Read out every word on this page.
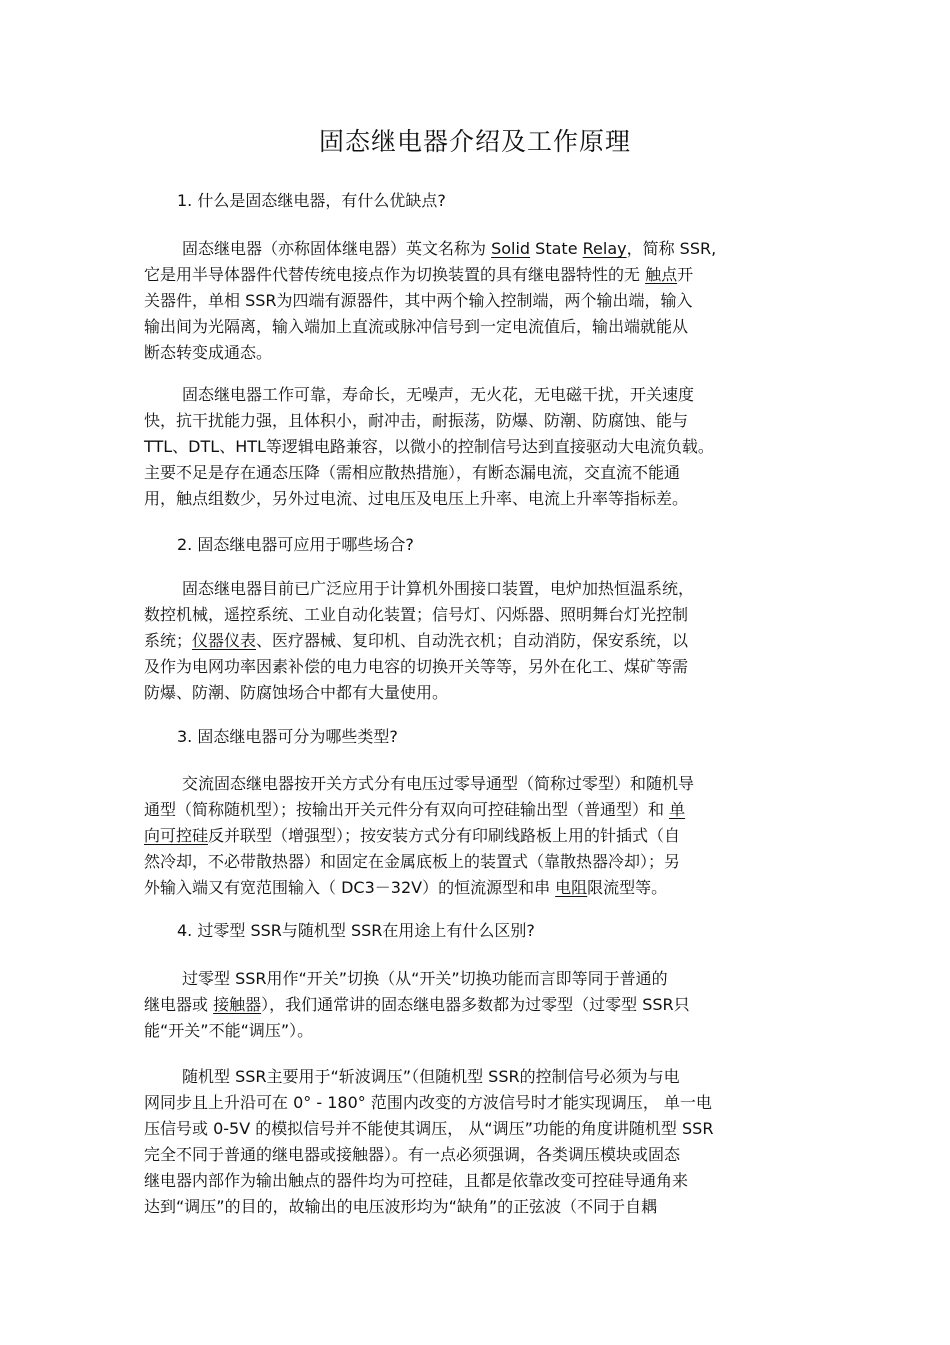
固态继电器介绍及工作原理
1. 什么是固态继电器，有什么优缺点?
固态继电器（亦称固体继电器）英文名称为 Solid State Relay，简称 SSR,
它是用半导体器件代替传统电接点作为切换装置的具有继电器特性的无 触点开
关器件，单相 SSR为四端有源器件，其中两个输入控制端，两个输出端，输入
输出间为光隔离，输入端加上直流或脉冲信号到一定电流值后，输出端就能从
断态转变成通态。
固态继电器工作可靠，寿命长，无噪声，无火花，无电磁干扰，开关速度
快，抗干扰能力强，且体积小，耐冲击，耐振荡，防爆、防潮、防腐蚀、能与
TTL、DTL、HTL等逻辑电路兼容，以微小的控制信号达到直接驱动大电流负载。
主要不足是存在通态压降（需相应散热措施），有断态漏电流，交直流不能通
用，触点组数少，另外过电流、过电压及电压上升率、电流上升率等指标差。
2. 固态继电器可应用于哪些场合?
固态继电器目前已广泛应用于计算机外围接口装置，电炉加热恒温系统，
数控机械，遥控系统、工业自动化装置；信号灯、闪烁器、照明舞台灯光控制
系统；仪器仪表、医疗器械、复印机、自动洗衣机；自动消防，保安系统，以
及作为电网功率因素补偿的电力电容的切换开关等等，另外在化工、煤矿等需
防爆、防潮、防腐蚀场合中都有大量使用。
3. 固态继电器可分为哪些类型?
交流固态继电器按开关方式分有电压过零导通型（简称过零型）和随机导
通型（简称随机型）；按输出开关元件分有双向可控硅输出型（普通型）和 单
向可控硅反并联型（增强型）；按安装方式分有印刷线路板上用的针插式（自
然冷却，不必带散热器）和固定在金属底板上的装置式（靠散热器冷却）；另
外输入端又有宽范围输入（ DC3－32V）的恒流源型和串 电阻限流型等。
4. 过零型 SSR与随机型 SSR在用途上有什么区别?
过零型 SSR用作“开关”切换（从“开关”切换功能而言即等同于普通的
继电器或 接触器），我们通常讲的固态继电器多数都为过零型（过零型 SSR只
能“开关”不能“调压”）。
随机型 SSR主要用于“斩波调压”（但随机型 SSR的控制信号必须为与电
网同步且上升沿可在 0° - 180° 范围内改变的方波信号时才能实现调压， 单一电
压信号或 0-5V 的模拟信号并不能使其调压， 从“调压”功能的角度讲随机型 SSR
完全不同于普通的继电器或接触器）。有一点必须强调，各类调压模块或固态
继电器内部作为输出触点的器件均为可控硅，且都是依靠改变可控硅导通角来
达到“调压”的目的，故输出的电压波形均为“缺角”的正弦波（不同于自耦
